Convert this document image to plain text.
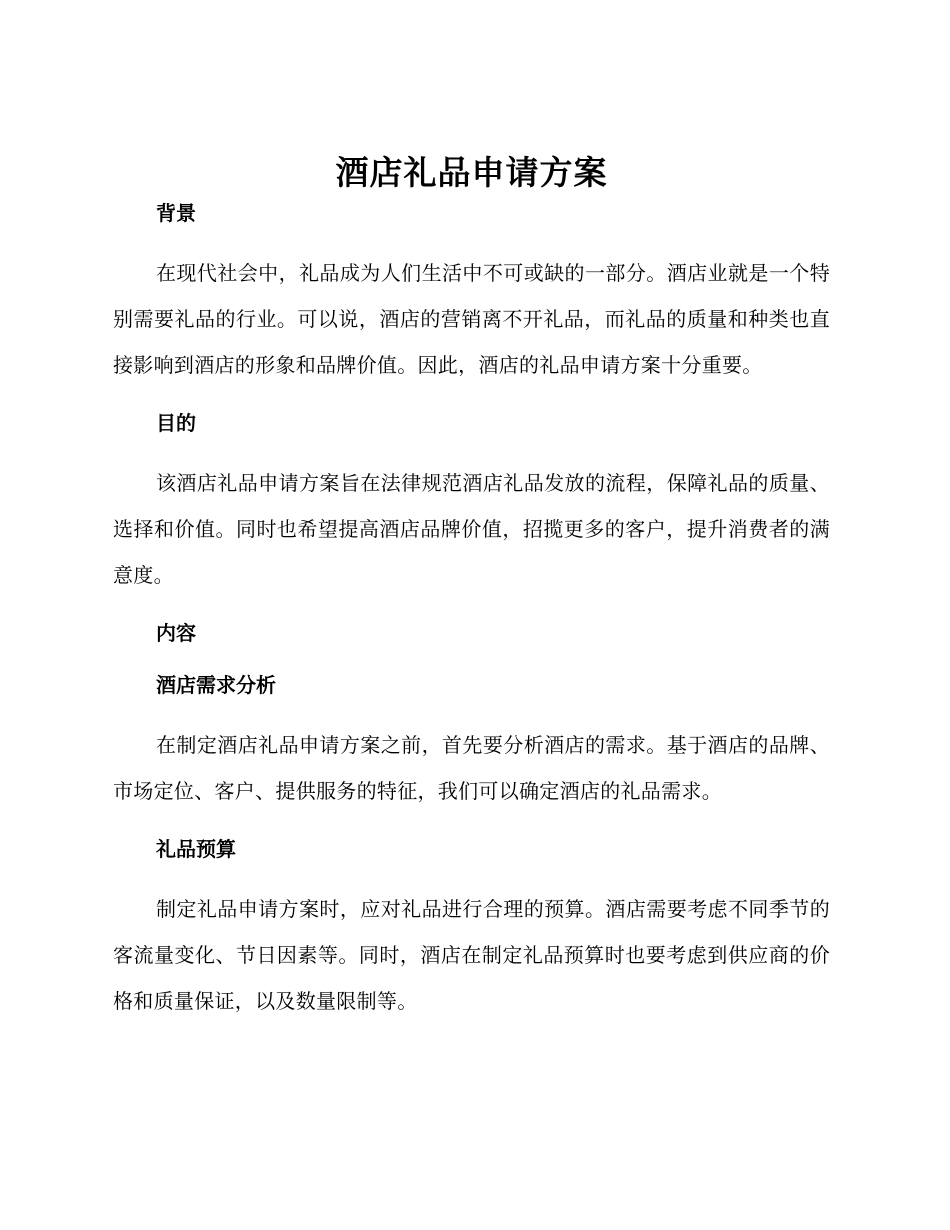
酒店礼品申请方案
背景

在现代社会中，礼品成为人们生活中不可或缺的一部分。酒店业就是一个特别需要礼品的行业。可以说，酒店的营销离不开礼品，而礼品的质量和种类也直接影响到酒店的形象和品牌价值。因此，酒店的礼品申请方案十分重要。

目的

该酒店礼品申请方案旨在法律规范酒店礼品发放的流程，保障礼品的质量、选择和价值。同时也希望提高酒店品牌价值，招揽更多的客户，提升消费者的满意度。

内容
酒店需求分析

在制定酒店礼品申请方案之前，首先要分析酒店的需求。基于酒店的品牌、市场定位、客户、提供服务的特征，我们可以确定酒店的礼品需求。

礼品预算

制定礼品申请方案时，应对礼品进行合理的预算。酒店需要考虑不同季节的客流量变化、节日因素等。同时，酒店在制定礼品预算时也要考虑到供应商的价格和质量保证，以及数量限制等。
